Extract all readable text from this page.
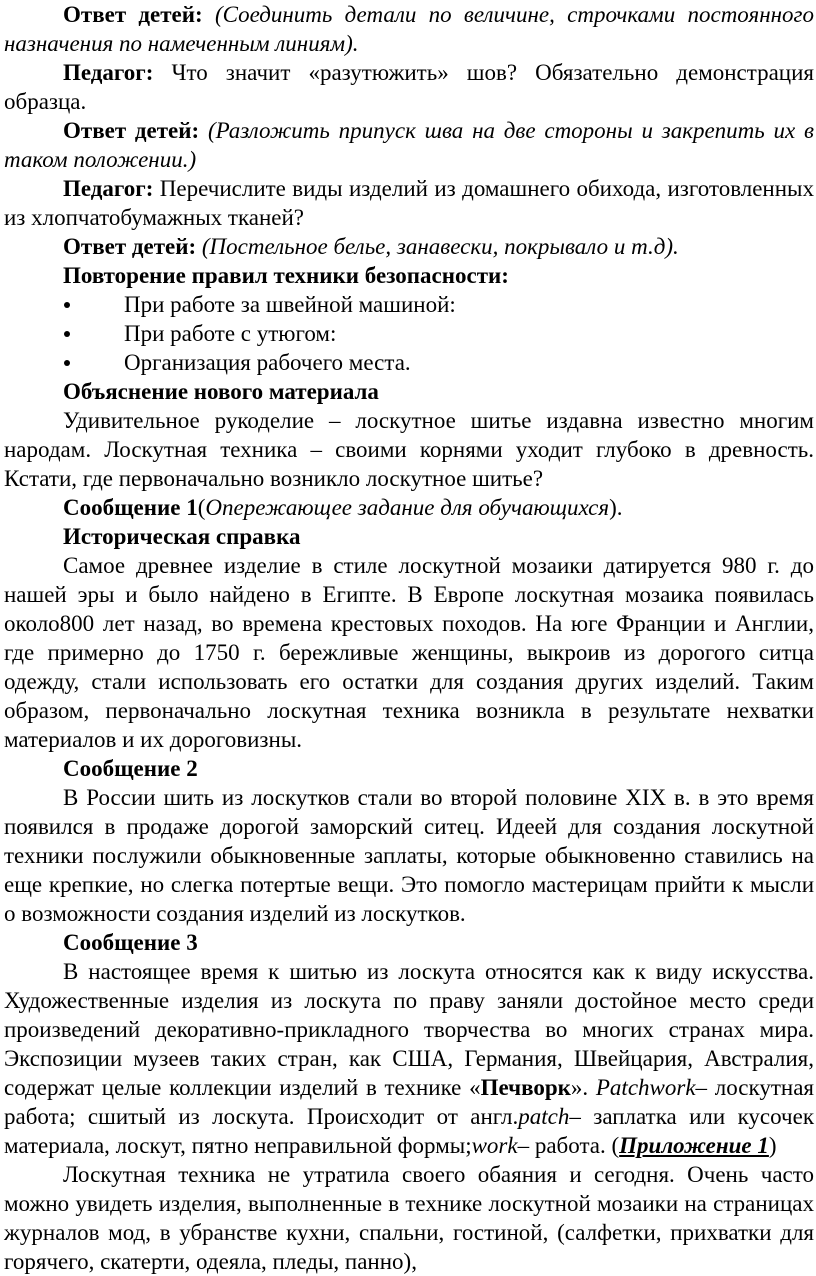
Ответ детей: (Соединить детали по величине, строчками постоянного назначения по намеченным линиям).

Педагог: Что значит «разутюжить» шов? Обязательно демонстрация образца.

Ответ детей: (Разложить припуск шва на две стороны и закрепить их в таком положении.)

Педагог: Перечислите виды изделий из домашнего обихода, изготовленных из хлопчатобумажных тканей?

Ответ детей: (Постельное белье, занавески, покрывало и т.д).

Повторение правил техники безопасности:

При работе за швейной машиной:
При работе с утюгом:
Организация рабочего места.

Объяснение нового материала

Удивительное рукоделие – лоскутное шитье издавна известно многим народам. Лоскутная техника – своими корнями уходит глубоко в древность. Кстати, где первоначально возникло лоскутное шитье?

Сообщение 1(Опережающее задание для обучающихся).

Историческая справка

Самое древнее изделие в стиле лоскутной мозаики датируется 980 г. до нашей эры и было найдено в Египте. В Европе лоскутная мозаика появилась около800 лет назад, во времена крестовых походов. На юге Франции и Англии, где примерно до 1750 г. бережливые женщины, выкроив из дорогого ситца одежду, стали использовать его остатки для создания других изделий. Таким образом, первоначально лоскутная техника возникла в результате нехватки материалов и их дороговизны.

Сообщение 2

В России шить из лоскутков стали во второй половине XIX в. в это время появился в продаже дорогой заморский ситец. Идеей для создания лоскутной техники послужили обыкновенные заплаты, которые обыкновенно ставились на еще крепкие, но слегка потертые вещи. Это помогло мастерицам прийти к мысли о возможности создания изделий из лоскутков.

Сообщение 3

В настоящее время к шитью из лоскута относятся как к виду искусства. Художественные изделия из лоскута по праву заняли достойное место среди произведений декоративно-прикладного творчества во многих странах мира. Экспозиции музеев таких стран, как США, Германия, Швейцария, Австралия, содержат целые коллекции изделий в технике «Печворк». Patchwork– лоскутная работа; сшитый из лоскута. Происходит от англ.patch– заплатка или кусочек материала, лоскут, пятно неправильной формы;work– работа. (Приложение 1)

Лоскутная техника не утратила своего обаяния и сегодня. Очень часто можно увидеть изделия, выполненные в технике лоскутной мозаики на страницах журналов мод, в убранстве кухни, спальни, гостиной, (салфетки, прихватки для горячего, скатерти, одеяла, пледы, панно),
